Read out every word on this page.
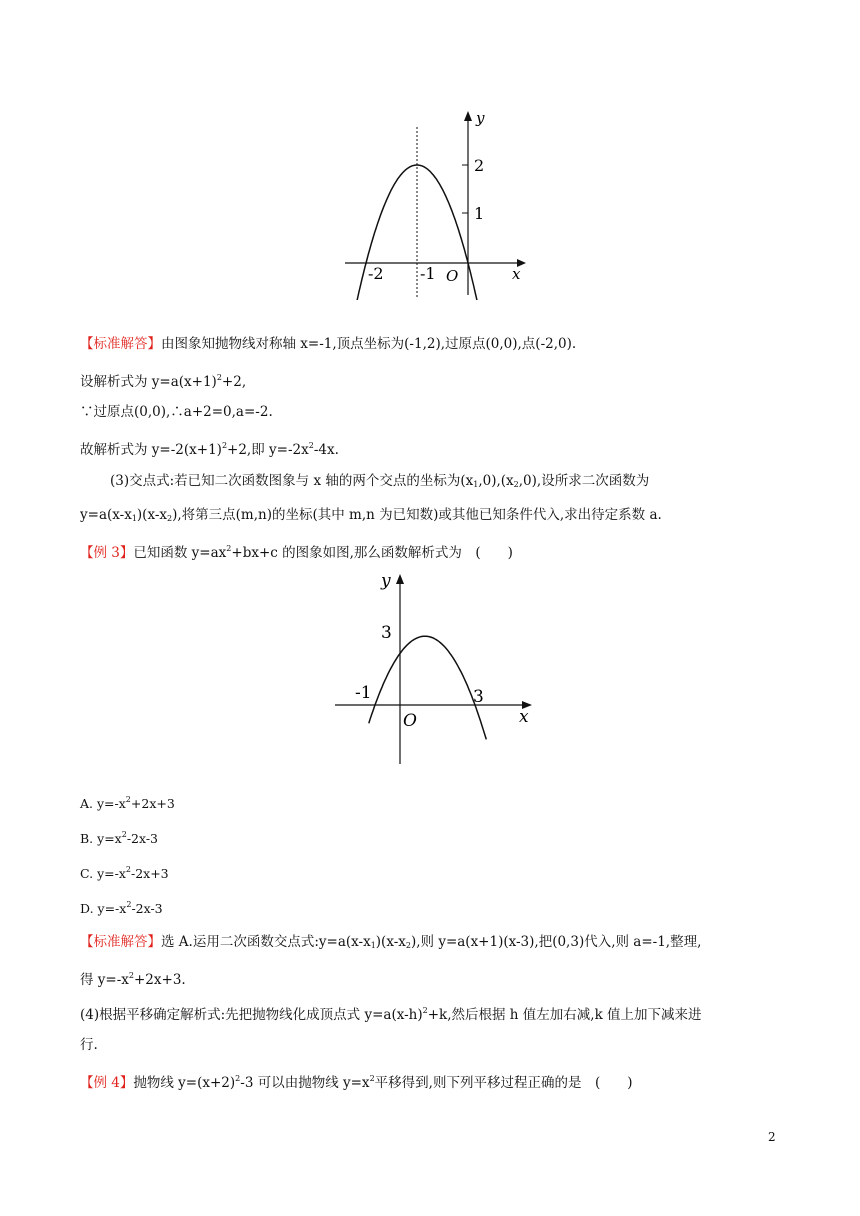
y
x
O
2
1
-2 -1
【标准解答】由图象知抛物线对称轴 x=-1,顶点坐标为(-1,2),过原点(0,0),点(-2,0).
设解析式为 $y=a(x+1)^2+2$,
∵过原点(0,0),∴a+2=0,a=-2.
故解析式为 $y=-2(x+1)^2+2$,即 $y=-2x^2-4x$.
(3)交点式:若已知二次函数图象与 x 轴的两个交点的坐标为$(x_1,0),(x_2,0)$,设所求二次函数为
$y=a(x-x_1)(x-x_2)$,将第三点(m,n)的坐标(其中 m,n 为已知数)或其他已知条件代入,求出待定系数 a.
【例 3】已知函数 $y=ax^2+bx+c$ 的图象如图,那么函数解析式为　(　　)
y
x
O
3
-1	3
A. $y=-x^2+2x+3$
B. $y=x^2-2x-3$
C. $y=-x^2-2x+3$
D. $y=-x^2-2x-3$
【标准解答】选 A.运用二次函数交点式$:y=a(x-x_1)(x-x_2)$,则 y=a(x+1)(x-3),把(0,3)代入,则 a=-1,整理,
得 $y=-x^2+2x+3$.
(4)根据平移确定解析式:先把抛物线化成顶点式 $y=a(x-h)^2+k$,然后根据 h 值左加右减,k 值上加下减来进
行.
【例 4】抛物线 $y=(x+2)^2-3$ 可以由抛物线 $y=x^2$平移得到,则下列平移过程正确的是　(　　)
2
